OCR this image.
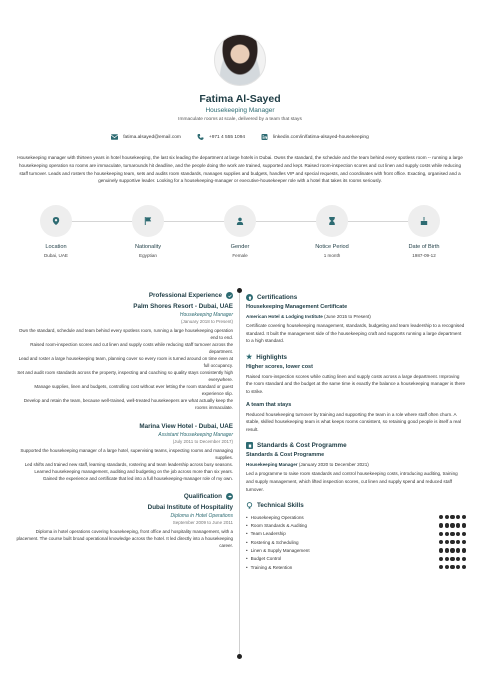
Fatima Al-Sayed
Housekeeping Manager
Immaculate rooms at scale, delivered by a team that stays
fatima.alsayed@email.com	+971 4 555 1094	linkedin.com/in/fatima-alsayed-housekeeping
Housekeeping manager with thirteen years in hotel housekeeping, the last six leading the department at large hotels in Dubai. Owns the standard, the schedule and the team behind every spotless room -- running a large housekeeping operation so rooms are immaculate, turnarounds hit deadline, and the people doing the work are trained, supported and kept. Raised room-inspection scores and cut linen and supply costs while reducing staff turnover. Leads and rosters the housekeeping team, sets and audits room standards, manages supplies and budgets, handles VIP and special requests, and coordinates with front office. Exacting, organised and a genuinely supportive leader. Looking for a housekeeping-manager or executive-housekeeper role with a hotel that takes its rooms seriously.
Location
Dubai, UAE
Nationality
Egyptian
Gender
Female
Notice Period
1 month
Date of Birth
1987-09-12
Professional Experience
Palm Shores Resort - Dubai, UAE
Housekeeping Manager
(January 2018 to Present)
Own the standard, schedule and team behind every spotless room, running a large housekeeping operation end to end.
Raised room-inspection scores and cut linen and supply costs while reducing staff turnover across the department.
Lead and roster a large housekeeping team, planning cover so every room is turned around on time even at full occupancy.
Set and audit room standards across the property, inspecting and coaching so quality stays consistently high everywhere.
Manage supplies, linen and budgets, controlling cost without ever letting the room standard or guest experience slip.
Develop and retain the team, because well-trained, well-treated housekeepers are what actually keep the rooms immaculate.
Marina View Hotel - Dubai, UAE
Assistant Housekeeping Manager
(July 2011 to December 2017)
Supported the housekeeping manager of a large hotel, supervising teams, inspecting rooms and managing supplies.
Led shifts and trained new staff, learning standards, rostering and team leadership across busy seasons.
Learned housekeeping management, auditing and budgeting on the job across more than six years.
Gained the experience and certificate that led into a full housekeeping-manager role of my own.
Qualification
Dubai Institute of Hospitality
Diploma in Hotel Operations
September 2009 to June 2011
Diploma in hotel operations covering housekeeping, front office and hospitality management, with a placement. The course built broad operational knowledge across the hotel. It led directly into a housekeeping career.
Certifications
Housekeeping Management Certificate
American Hotel & Lodging Institute (June 2015 to Present)
Certificate covering housekeeping management, standards, budgeting and team leadership to a recognised standard. It built the management side of the housekeeping craft and supports running a large department to a high standard.
★ Highlights
Higher scores, lower cost
Raised room-inspection scores while cutting linen and supply costs across a large department. Improving the room standard and the budget at the same time is exactly the balance a housekeeping manager is there to strike.
A team that stays
Reduced housekeeping turnover by training and supporting the team in a role where staff often churn. A stable, skilled housekeeping team is what keeps rooms consistent, so retaining good people is itself a real result.
Standards & Cost Programme
Standards & Cost Programme
Housekeeping Manager (January 2020 to December 2021)
Led a programme to raise room standards and control housekeeping costs, introducing auditing, training and supply management, which lifted inspection scores, cut linen and supply spend and reduced staff turnover.
Technical Skills
• Housekeeping Operations
• Room Standards & Auditing
• Team Leadership
• Rostering & Scheduling
• Linen & Supply Management
• Budget Control
• Training & Retention
